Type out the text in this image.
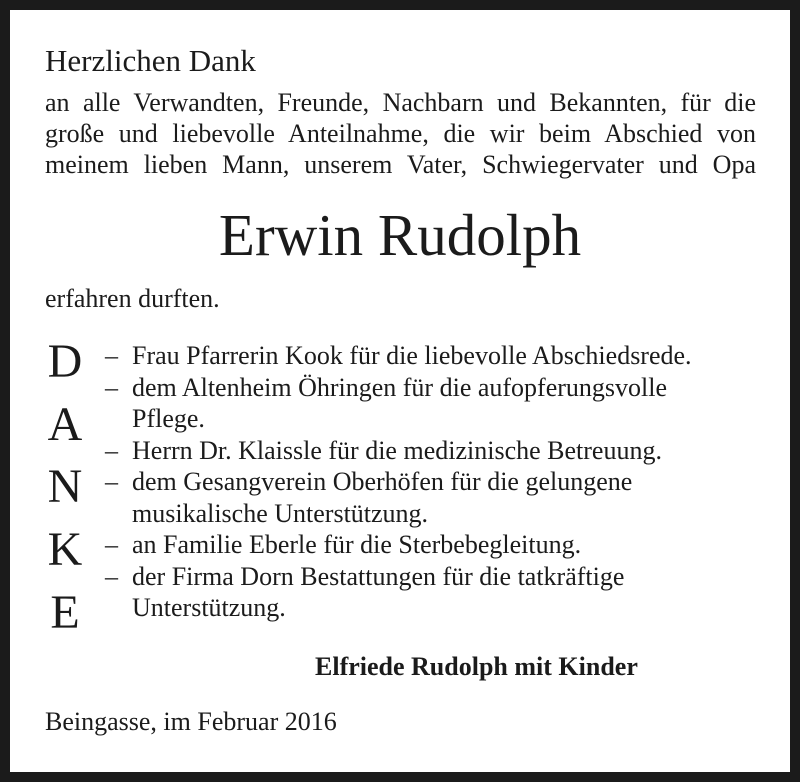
Herzlichen Dank
an alle Verwandten, Freunde, Nachbarn und Bekannten, für die
große und liebevolle Anteilnahme, die wir beim Abschied von
meinem lieben Mann, unserem Vater, Schwiegervater und Opa
Erwin Rudolph
erfahren durften.
D
A
N
K
E
– Frau Pfarrerin Kook für die liebevolle Abschiedsrede.
– dem Altenheim Öhringen für die aufopferungsvolle
Pflege.
– Herrn Dr. Klaissle für die medizinische Betreuung.
– dem Gesangverein Oberhöfen für die gelungene
musikalische Unterstützung.
– an Familie Eberle für die Sterbebegleitung.
– der Firma Dorn Bestattungen für die tatkräftige
Unterstützung.
Elfriede Rudolph mit Kinder
Beingasse, im Februar 2016
